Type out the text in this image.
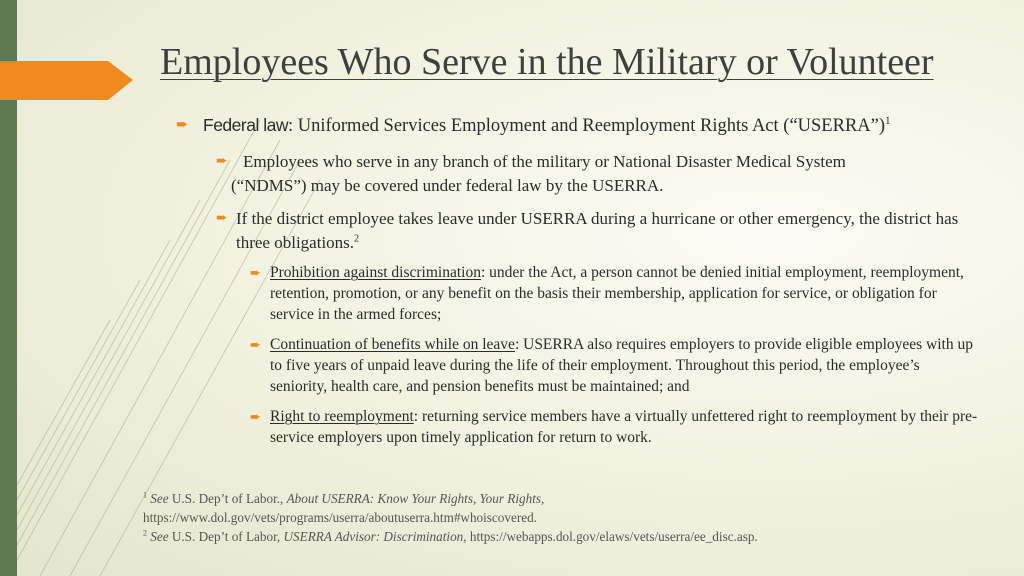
Employees Who Serve in the Military or Volunteer
➨ Federal law: Uniformed Services Employment and Reemployment Rights Act (“USERRA”)$^1$
➨ Employees who serve in any branch of the military or National Disaster Medical System
(“NDMS”) may be covered under federal law by the USERRA.
➨ If the district employee takes leave under USERRA during a hurricane or other emergency, the district has three obligations.$^2$
➨ Prohibition against discrimination: under the Act, a person cannot be denied initial employment, reemployment, retention, promotion, or any benefit on the basis their membership, application for service, or obligation for service in the armed forces;
➨ Continuation of benefits while on leave: USERRA also requires employers to provide eligible employees with up to five years of unpaid leave during the life of their employment. Throughout this period, the employee’s seniority, health care, and pension benefits must be maintained; and
➨ Right to reemployment: returning service members have a virtually unfettered right to reemployment by their pre-service employers upon timely application for return to work.
$^1$ See U.S. Dep’t of Labor., About USERRA: Know Your Rights, Your Rights,
https://www.dol.gov/vets/programs/userra/aboutuserra.htm#whoiscovered.
$^2$ See U.S. Dep’t of Labor, USERRA Advisor: Discrimination, https://webapps.dol.gov/elaws/vets/userra/ee_disc.asp.
